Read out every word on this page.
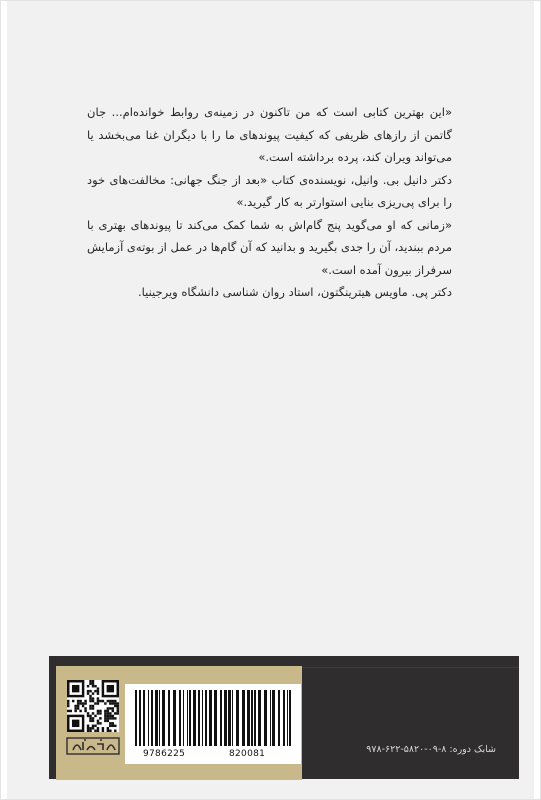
«این بهترین کتابی است که من تاکنون در زمینه‌ی روابط خوانده‌ام... جان گاتمن از رازهای ظریفی که کیفیت پیوندهای ما را با دیگران غنا می‌بخشد یا می‌تواند ویران کند، پرده برداشته است.»

دکتر دانیل بی. وانیل، نویسنده‌ی کتاب «بعد از جنگ جهانی: مخالفت‌های خود را برای پی‌ریزی بنایی استوارتر به کار گیرید.»

«زمانی که او می‌گوید پنج گام‌اش به شما کمک می‌کند تا پیوندهای بهتری با مردم ببندید، آن را جدی بگیرید و بدانید که آن گام‌ها در عمل از بوته‌ی آزمایش سرفراز بیرون آمده است.»

دکتر پی. ماویس هیترینگتون، استاد روان شناسی دانشگاه ویرجینیا.

9786225	820081	شابک دوره: ۸-۰۹-۵۸۲۰-۶۲۲-۹۷۸
